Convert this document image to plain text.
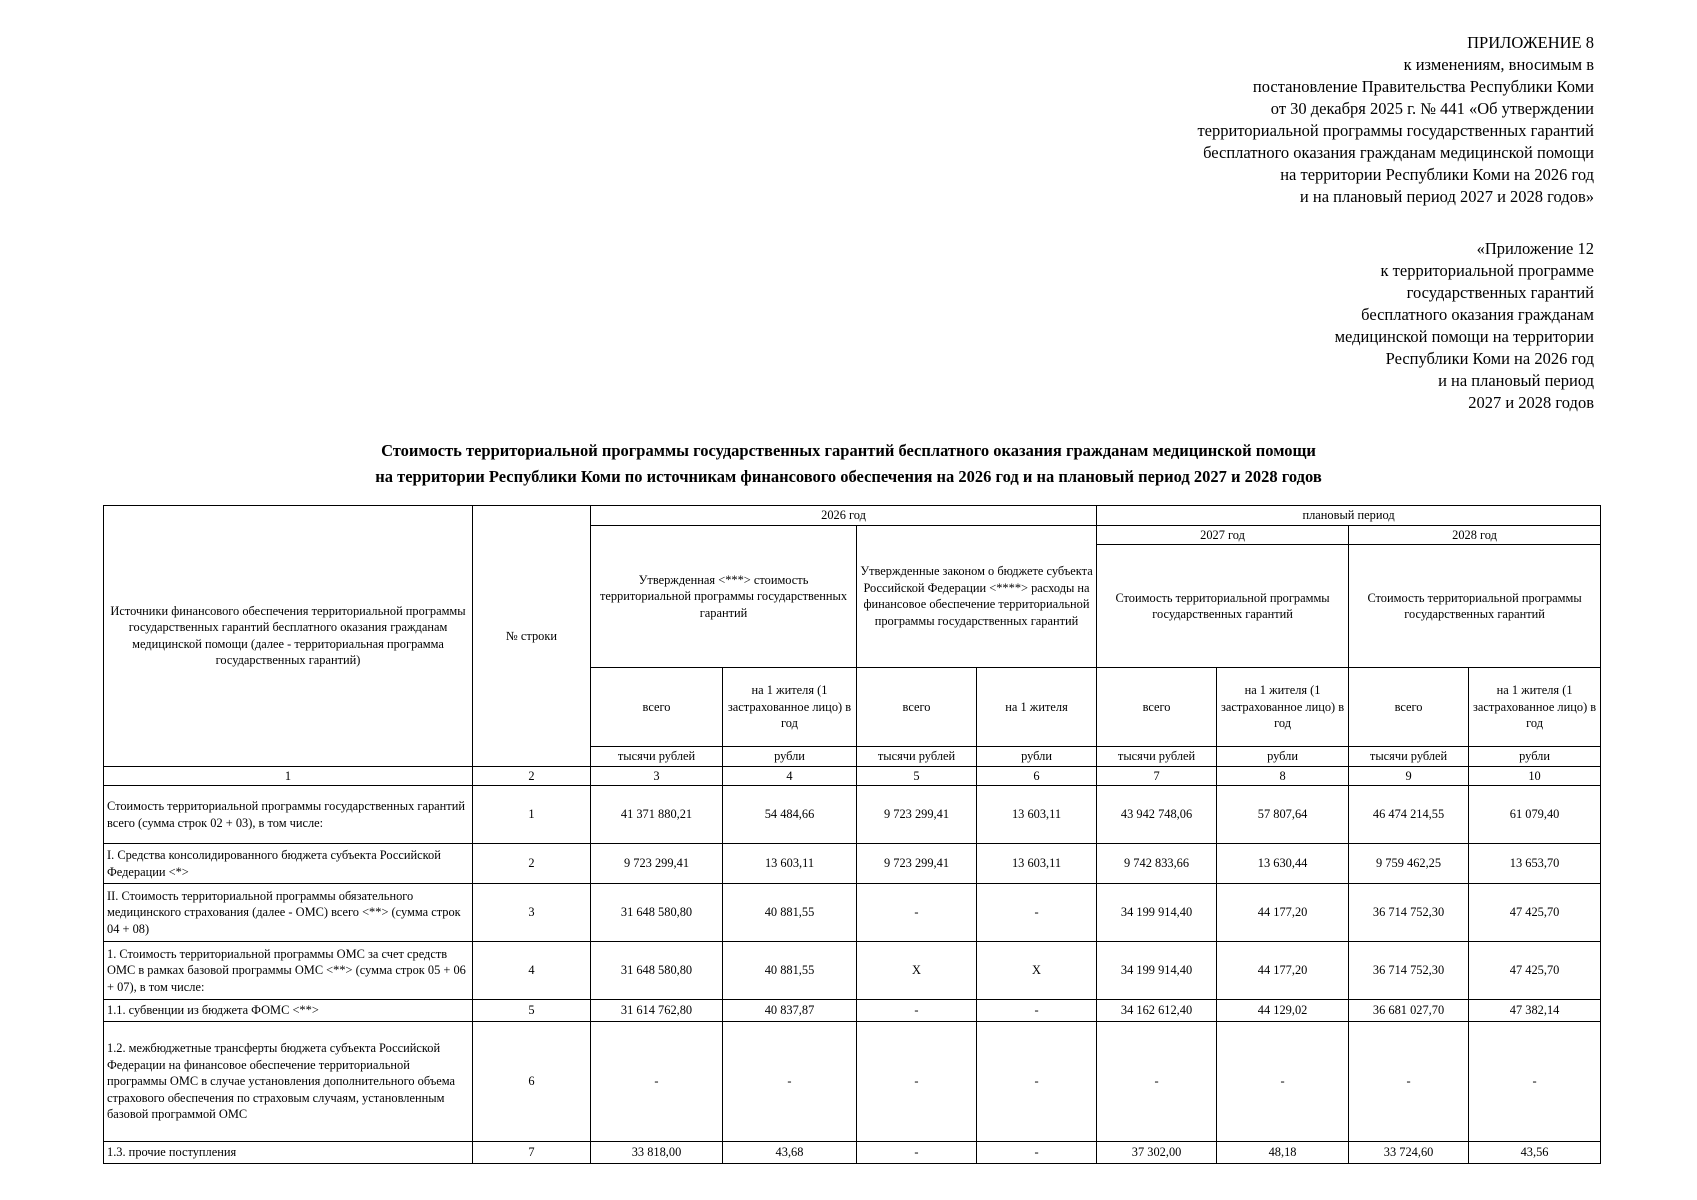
ПРИЛОЖЕНИЕ 8
к изменениям, вносимым в
постановление Правительства Республики Коми
от 30 декабря 2025 г. № 441 «Об утверждении
территориальной программы государственных гарантий
бесплатного оказания гражданам медицинской помощи
на территории Республики Коми на 2026 год
и на плановый период 2027 и 2028 годов»
«Приложение 12
к территориальной программе
государственных гарантий
бесплатного оказания гражданам
медицинской помощи на территории
Республики Коми на 2026 год
и на плановый период
2027 и 2028 годов
Стоимость территориальной программы государственных гарантий бесплатного оказания гражданам медицинской помощи
на территории Республики Коми по источникам финансового обеспечения на 2026 год и на плановый период 2027 и 2028 годов
Источники финансового обеспечения территориальной программы государственных гарантий бесплатного оказания гражданам медицинской помощи (далее - территориальная программа государственных гарантий)	№ строки	2026 год				плановый период			
		Утвержденная <***> стоимость территориальной программы государственных гарантий		Утвержденные законом о бюджете субъекта Российской Федерации <****> расходы на финансовое обеспечение территориальной программы государственных гарантий		2027 год		2028 год	
						Стоимость территориальной программы государственных гарантий		Стоимость территориальной программы государственных гарантий	
		всего	на 1 жителя (1 застрахованное лицо) в год	всего	на 1 жителя	всего	на 1 жителя (1 застрахованное лицо) в год	всего	на 1 жителя (1 застрахованное лицо) в год
		тысячи рублей	рубли	тысячи рублей	рубли	тысячи рублей	рубли	тысячи рублей	рубли
1	2	3	4	5	6	7	8	9	10
Стоимость территориальной программы государственных гарантий всего (сумма строк 02 + 03), в том числе:	1	41 371 880,21	54 484,66	9 723 299,41	13 603,11	43 942 748,06	57 807,64	46 474 214,55	61 079,40
I. Средства консолидированного бюджета субъекта Российской Федерации <*>	2	9 723 299,41	13 603,11	9 723 299,41	13 603,11	9 742 833,66	13 630,44	9 759 462,25	13 653,70
II. Стоимость территориальной программы обязательного медицинского страхования (далее - ОМС) всего <**> (сумма строк 04 + 08)	3	31 648 580,80	40 881,55	-	-	34 199 914,40	44 177,20	36 714 752,30	47 425,70
1. Стоимость территориальной программы ОМС за счет средств ОМС в рамках базовой программы ОМС <**> (сумма строк 05 + 06 + 07), в том числе:	4	31 648 580,80	40 881,55	X	X	34 199 914,40	44 177,20	36 714 752,30	47 425,70
1.1. субвенции из бюджета ФОМС <**>	5	31 614 762,80	40 837,87	-	-	34 162 612,40	44 129,02	36 681 027,70	47 382,14
1.2. межбюджетные трансферты бюджета субъекта Российской Федерации на финансовое обеспечение территориальной программы ОМС в случае установления дополнительного объема страхового обеспечения по страховым случаям, установленным базовой программой ОМС	6	-	-	-	-	-	-	-	-
1.3. прочие поступления	7	33 818,00	43,68	-	-	37 302,00	48,18	33 724,60	43,56
